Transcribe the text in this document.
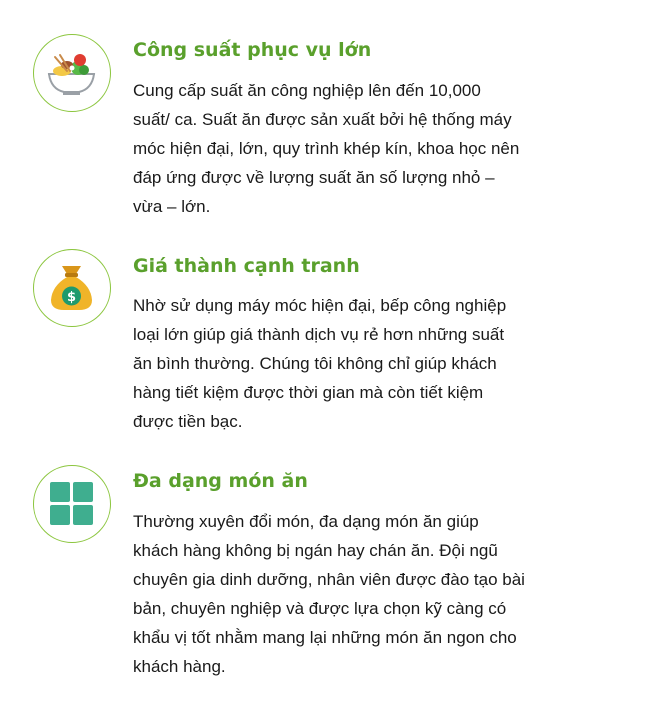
Công suất phục vụ lớn

Cung cấp suất ăn công nghiệp lên đến 10,000
suất/ ca. Suất ăn được sản xuất bởi hệ thống máy
móc hiện đại, lớn, quy trình khép kín, khoa học nên
đáp ứng được về lượng suất ăn số lượng nhỏ –
vừa – lớn.

$
Giá thành cạnh tranh

Nhờ sử dụng máy móc hiện đại, bếp công nghiệp
loại lớn giúp giá thành dịch vụ rẻ hơn những suất
ăn bình thường. Chúng tôi không chỉ giúp khách
hàng tiết kiệm được thời gian mà còn tiết kiệm
được tiền bạc.

Đa dạng món ăn

Thường xuyên đổi món, đa dạng món ăn giúp
khách hàng không bị ngán hay chán ăn. Đội ngũ
chuyên gia dinh dưỡng, nhân viên được đào tạo bài
bản, chuyên nghiệp và được lựa chọn kỹ càng có
khẩu vị tốt nhằm mang lại những món ăn ngon cho
khách hàng.
